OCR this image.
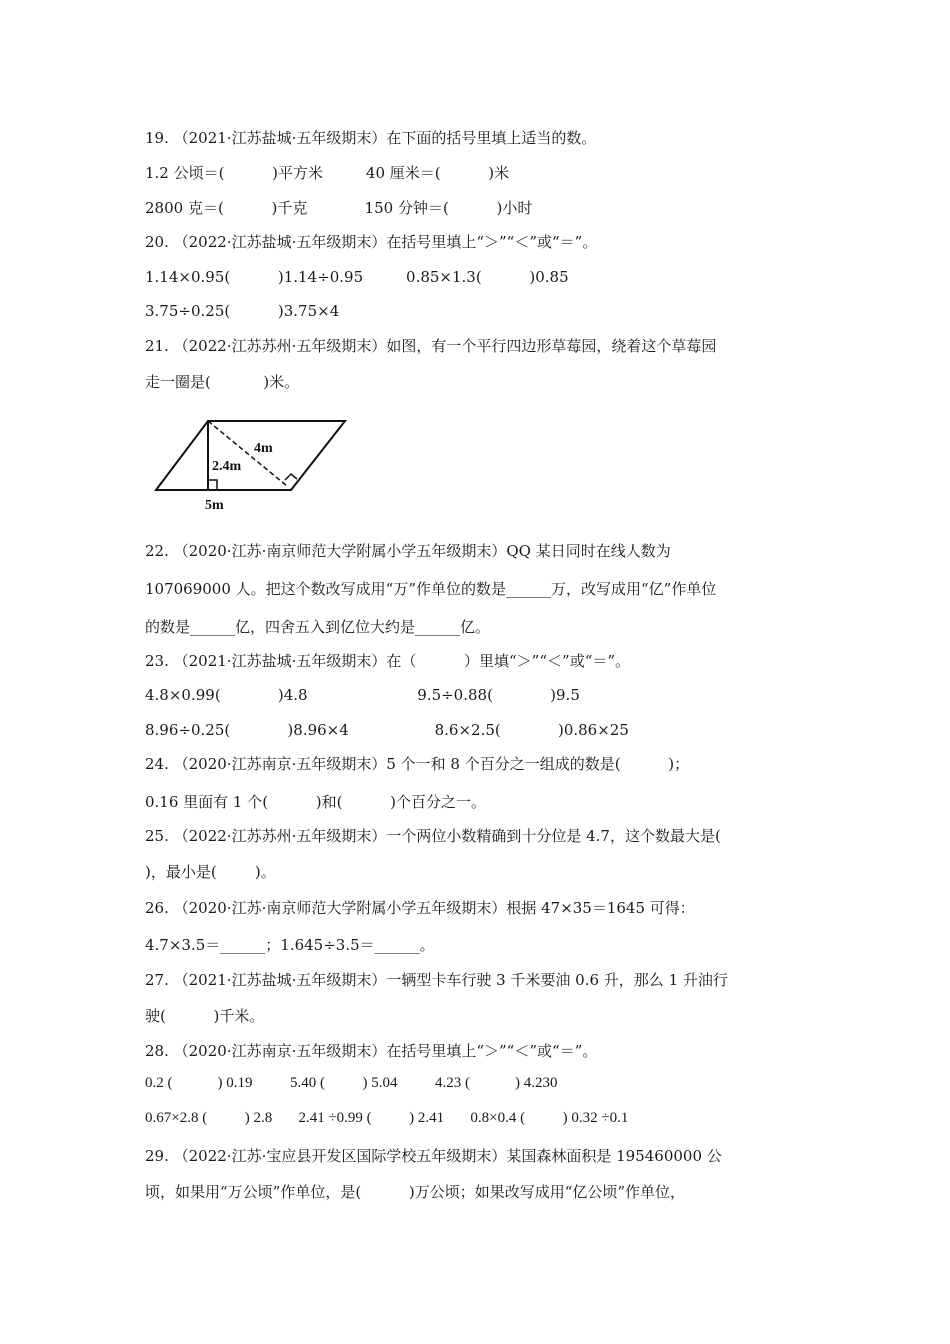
19. （2021·江苏盐城·五年级期末）在下面的括号里填上适当的数。
1.2 公顷＝(          )平方米         40 厘米＝(          )米
2800 克＝(          )千克            150 分钟＝(          )小时
20. （2022·江苏盐城·五年级期末）在括号里填上“＞”“＜”或“＝”。
1.14×0.95(          )1.14÷0.95         0.85×1.3(          )0.85
3.75÷0.25(          )3.75×4
21. （2022·江苏苏州·五年级期末）如图，有一个平行四边形草莓园，绕着这个草莓园
走一圈是(           )米。
2.4m
4m
5m
22. （2020·江苏·南京师范大学附属小学五年级期末）QQ 某日同时在线人数为
107069000 人。把这个数改写成用“万”作单位的数是______万，改写成用“亿”作单位
的数是______亿，四舍五入到亿位大约是______亿。
23. （2021·江苏盐城·五年级期末）在（          ）里填“＞”“＜”或“＝”。
4.8×0.99(            )4.8                       9.5÷0.88(            )9.5
8.96÷0.25(            )8.96×4                  8.6×2.5(            )0.86×25
24. （2020·江苏南京·五年级期末）5 个一和 8 个百分之一组成的数是(          )；
0.16 里面有 1 个(          )和(          )个百分之一。
25. （2022·江苏苏州·五年级期末）一个两位小数精确到十分位是 4.7，这个数最大是(
)，最小是(        )。
26. （2020·江苏·南京师范大学附属小学五年级期末）根据 47×35＝1645 可得：
4.7×3.5＝______；1.645÷3.5＝______。
27. （2021·江苏盐城·五年级期末）一辆型卡车行驶 3 千米要油 0.6 升，那么 1 升油行
驶(          )千米。
28. （2020·江苏南京·五年级期末）在括号里填上“＞”“＜”或“＝”。
0.2 (            ) 0.19          5.40 (          ) 5.04          4.23 (            ) 4.230
0.67×2.8 (          ) 2.8       2.41 ÷0.99 (          ) 2.41       0.8×0.4 (          ) 0.32 ÷0.1
29. （2022·江苏·宝应县开发区国际学校五年级期末）某国森林面积是 195460000 公
顷，如果用“万公顷”作单位，是(          )万公顷；如果改写成用“亿公顷”作单位，
